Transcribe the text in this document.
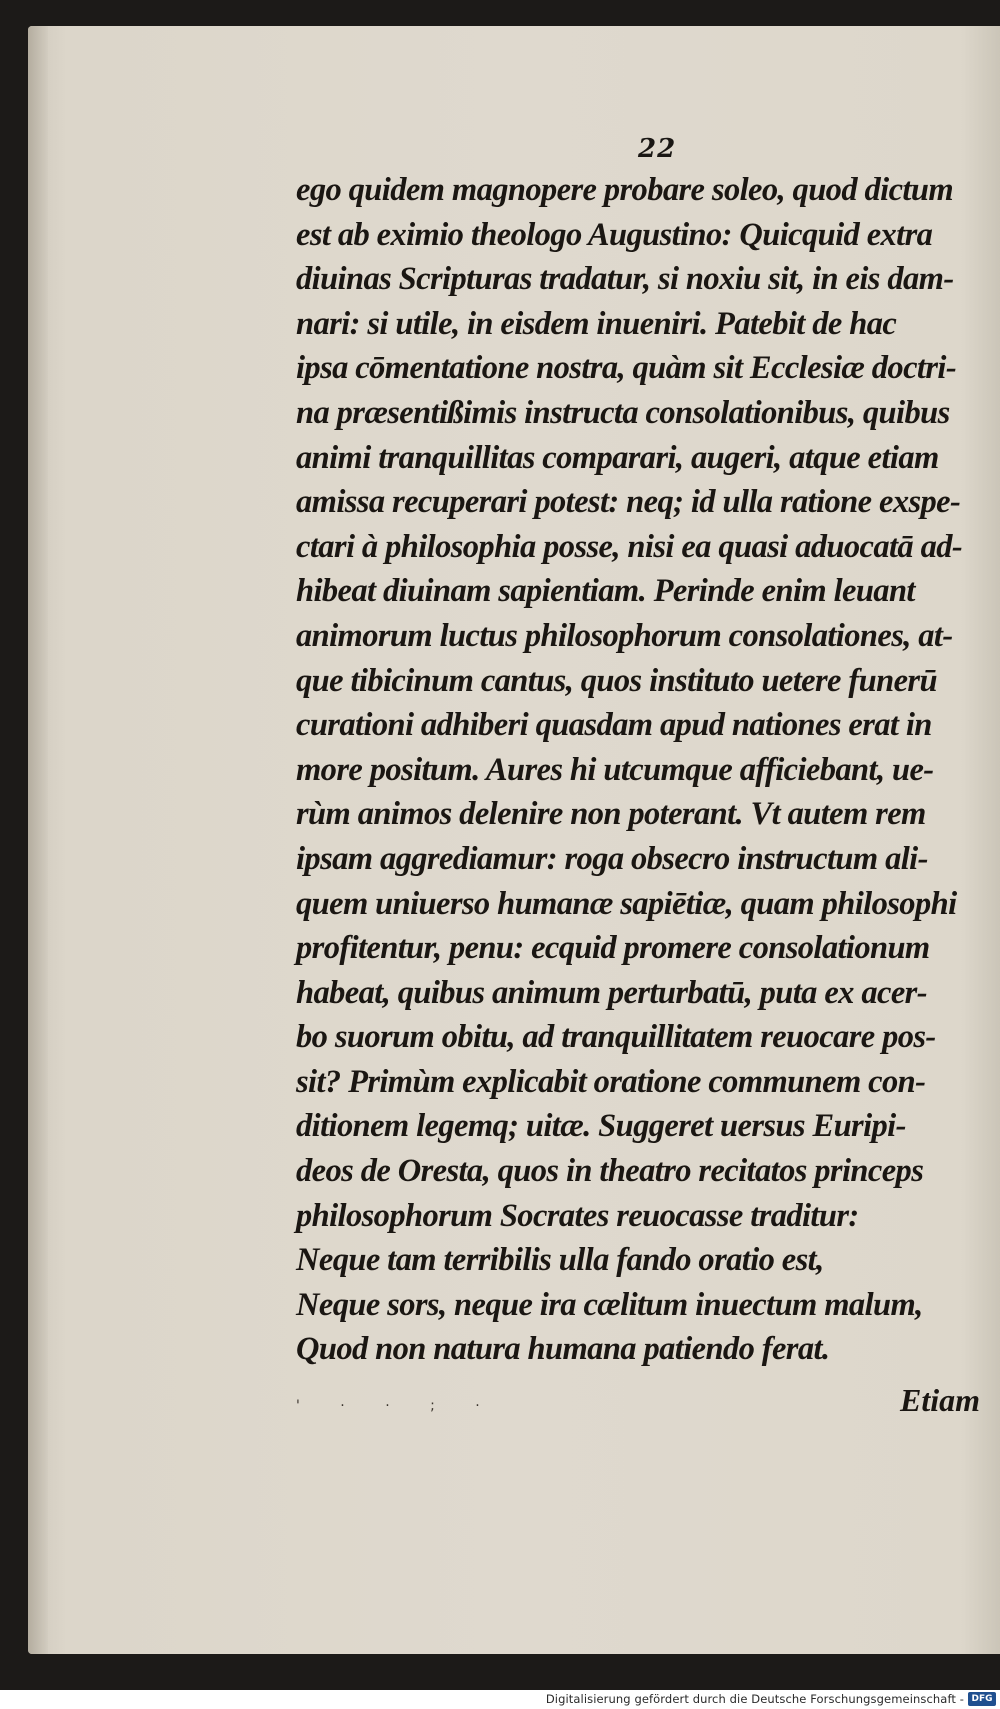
22
ego quidem magnopere probare soleo, quod dictum
est ab eximio theologo Augustino: Quicquid extra
diuinas Scripturas tradatur, si noxiu sit, in eis dam-
nari: si utile, in eisdem inueniri. Patebit de hac
ipsa cōmentatione nostra, quàm sit Ecclesiæ doctri-
na præsentißimis instructa consolationibus, quibus
animi tranquillitas comparari, augeri, atque etiam
amissa recuperari potest: neq; id ulla ratione exspe-
ctari à philosophia posse, nisi ea quasi aduocatā ad-
hibeat diuinam sapientiam. Perinde enim leuant
animorum luctus philosophorum consolationes, at-
que tibicinum cantus, quos instituto uetere funerū
curationi adhiberi quasdam apud nationes erat in
more positum. Aures hi utcumque afficiebant, ue-
rùm animos delenire non poterant. Vt autem rem
ipsam aggrediamur: roga obsecro instructum ali-
quem uniuerso humanæ sapiētiæ, quam philosophi
profitentur, penu: ecquid promere consolationum
habeat, quibus animum perturbatū, puta ex acer-
bo suorum obitu, ad tranquillitatem reuocare pos-
sit? Primùm explicabit oratione communem con-
ditionem legemq; uitæ. Suggeret uersus Euripi-
deos de Oresta, quos in theatro recitatos princeps
philosophorum Socrates reuocasse traditur:
Neque tam terribilis ulla fando oratio est,
Neque sors, neque ira cælitum inuectum malum,
Quod non natura humana patiendo ferat.
' · · ; ·	Etiam
Digitalisierung gefördert durch die Deutsche Forschungsgemeinschaft - DFG
